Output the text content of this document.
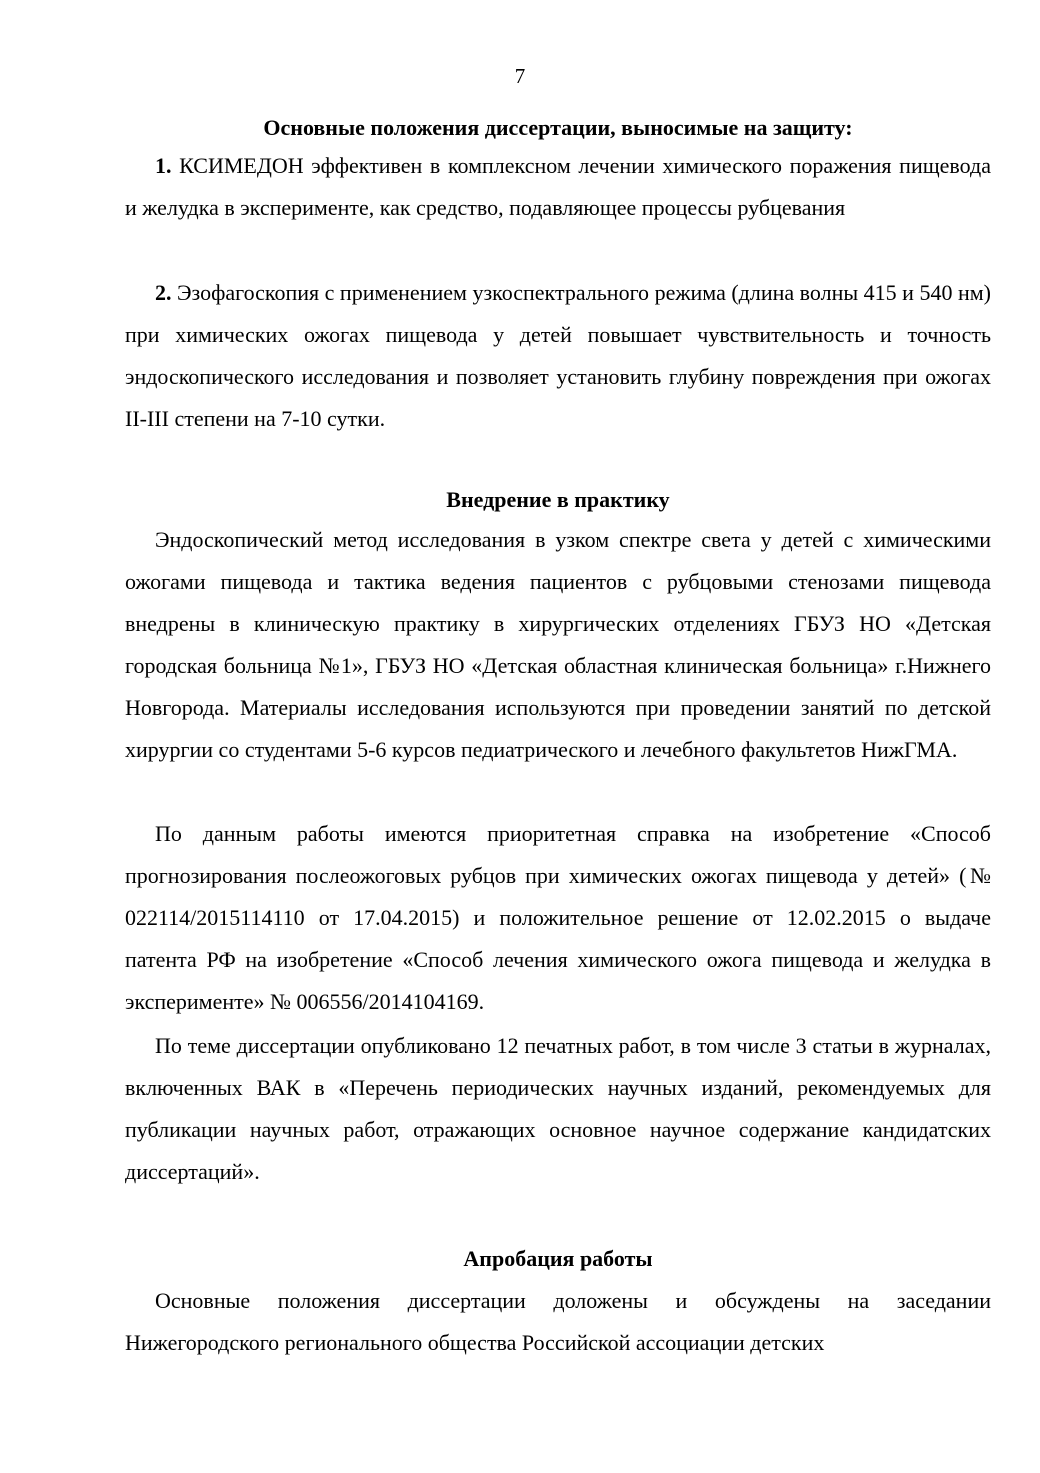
7
Основные положения диссертации, выносимые на защиту:

1. КСИМЕДОН эффективен в комплексном лечении химического поражения пищевода и желудка в эксперименте, как средство, подавляющее процессы рубцевания

2. Эзофагоскопия с применением узкоспектрального режима (длина волны 415 и 540 нм) при химических ожогах пищевода у детей повышает чувствительность и точность эндоскопического исследования и позволяет установить глубину повреждения при ожогах II-III степени на 7-10 сутки.

Внедрение в практику

Эндоскопический метод исследования в узком спектре света у детей с химическими ожогами пищевода и тактика ведения пациентов с рубцовыми стенозами пищевода внедрены в клиническую практику в хирургических отделениях ГБУЗ НО «Детская городская больница №1», ГБУЗ НО «Детская областная клиническая больница» г.Нижнего Новгорода. Материалы исследования используются при проведении занятий по детской хирургии со студентами 5-6 курсов педиатрического и лечебного факультетов НижГМА.

По данным работы имеются приоритетная справка на изобретение «Способ прогнозирования послеожоговых рубцов при химических ожогах пищевода у детей» (№ 022114/2015114110 от 17.04.2015) и положительное решение от 12.02.2015 о выдаче патента РФ на изобретение «Способ лечения химического ожога пищевода и желудка в эксперименте» № 006556/2014104169.

По теме диссертации опубликовано 12 печатных работ, в том числе 3 статьи в журналах, включенных ВАК в «Перечень периодических научных изданий, рекомендуемых для публикации научных работ, отражающих основное научное содержание кандидатских диссертаций».

Апробация работы

Основные положения диссертации доложены и обсуждены на заседании Нижегородского регионального общества Российской ассоциации детских
